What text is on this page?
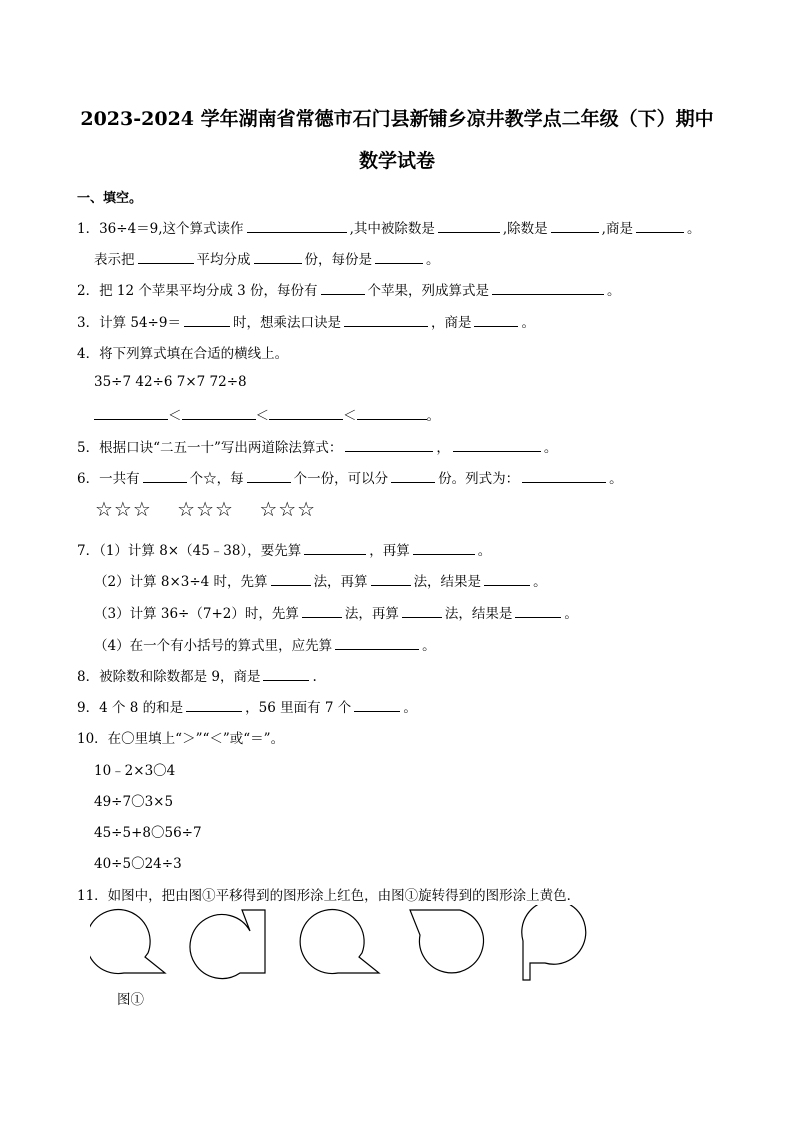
2023-2024 学年湖南省常德市石门县新铺乡凉井教学点二年级（下）期中
数学试卷
一、填空。
1．36÷4＝9,这个算式读作	,其中被除数是	,除数是	,商是	。
表示把	平均分成	份，每份是	。
2．把 12 个苹果平均分成 3 份，每份有	个苹果，列成算式是	。
3．计算 54÷9＝	时，想乘法口诀是	，商是	。
4．将下列算式填在合适的横线上。
35÷7 42÷6 7×7 72÷8
＜	＜	＜	。
5．根据口诀“二五一十”写出两道除法算式：	，	。
6．一共有	个☆，每	个一份，可以分	份。列式为：	。
☆☆☆ ☆☆☆ ☆☆☆
7．（1）计算 8×（45﹣38），要先算	，再算	。
（2）计算 8×3÷4 时，先算	法，再算	法，结果是	。
（3）计算 36÷（7+2）时，先算	法，再算	法，结果是	。
（4）在一个有小括号的算式里，应先算	。
8．被除数和除数都是 9，商是	.
9．4 个 8 的和是	，56 里面有 7 个	。
10．在〇里填上“＞”“＜”或“＝”。
10﹣2×3〇4
49÷7〇3×5
45÷5+8〇56÷7
40÷5〇24÷3
11．如图中，把由图①平移得到的图形涂上红色，由图①旋转得到的图形涂上黄色．
图①
